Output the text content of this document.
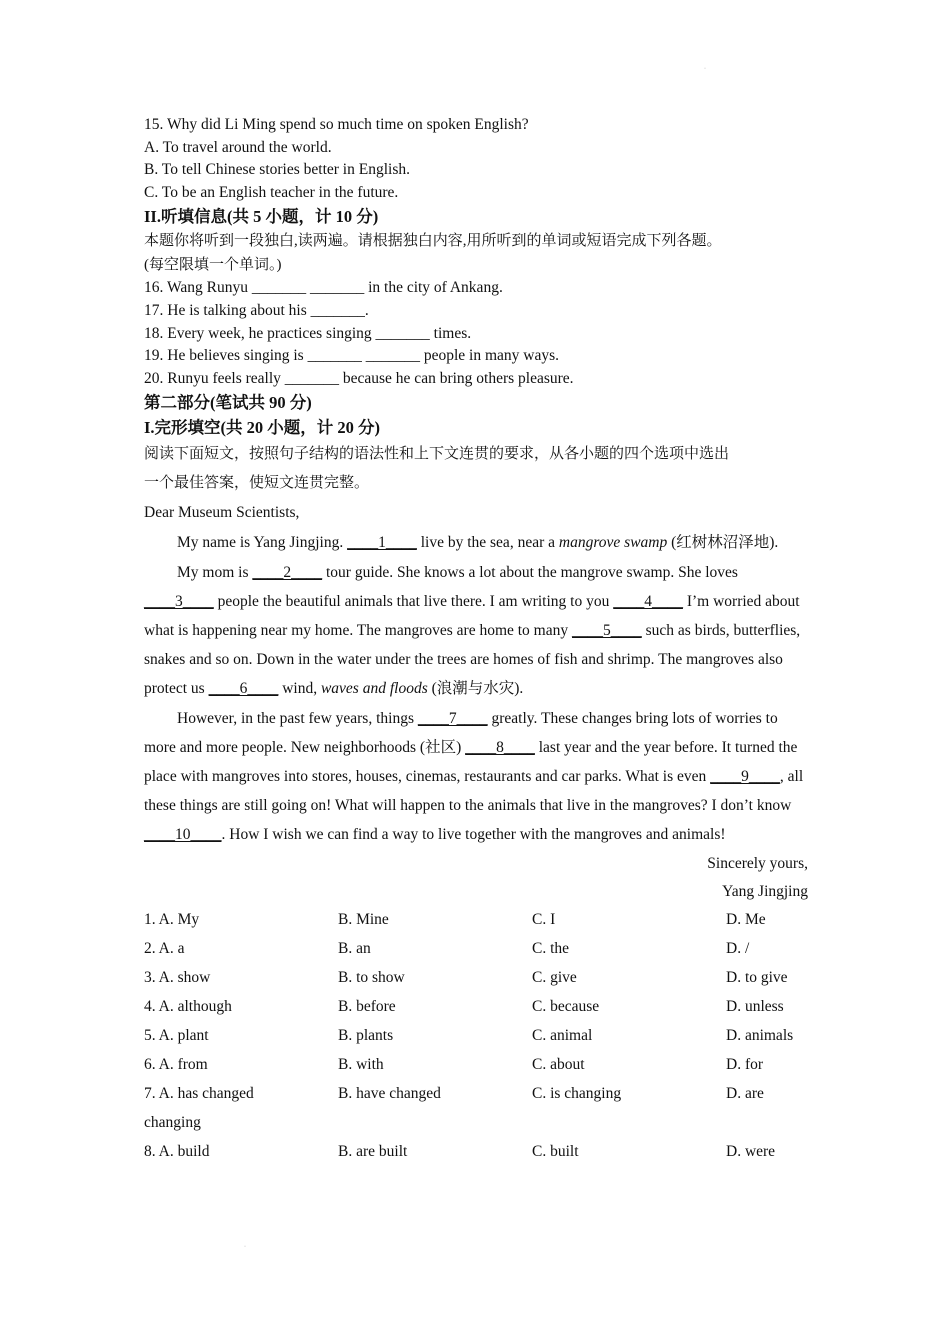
·
·
15. Why did Li Ming spend so much time on spoken English?
A. To travel around the world.
B. To tell Chinese stories better in English.
C. To be an English teacher in the future.
II.听填信息(共 5 小题，计 10 分)
本题你将听到一段独白,读两遍。请根据独白内容,用所听到的单词或短语完成下列各题。
(每空限填一个单词。)
16. Wang Runyu _______ _______ in the city of Ankang.
17. He is talking about his _______.
18. Every week, he practices singing _______ times.
19. He believes singing is _______ _______ people in many ways.
20. Runyu feels really _______ because he can bring others pleasure.
第二部分(笔试共 90 分)
I.完形填空(共 20 小题，计 20 分)
阅读下面短文，按照句子结构的语法性和上下文连贯的要求，从各小题的四个选项中选出
一个最佳答案，使短文连贯完整。
Dear Museum Scientists,

My name is Yang Jingjing. ____1____ live by the sea, near a mangrove swamp (红树林沼泽地).

My mom is ____2____ tour guide. She knows a lot about the mangrove swamp. She loves ____3____ people the beautiful animals that live there. I am writing to you ____4____ I’m worried about what is happening near my home. The mangroves are home to many ____5____ such as birds, butterflies, snakes and so on. Down in the water under the trees are homes of fish and shrimp. The mangroves also protect us ____6____ wind, waves and floods (浪潮与水灾).

However, in the past few years, things ____7____ greatly. These changes bring lots of worries to more and more people. New neighborhoods (社区) ____8____ last year and the year before. It turned the place with mangroves into stores, houses, cinemas, restaurants and car parks. What is even ____9____, all these things are still going on! What will happen to the animals that live in the mangroves? I don’t know ____10____. How I wish we can find a way to live together with the mangroves and animals!

Sincerely yours,
Yang Jingjing
1. A. My	B. Mine	C. I	D. Me
2. A. a	B. an	C. the	D. /
3. A. show	B. to show	C. give	D. to give
4. A. although	B. before	C. because	D. unless
5. A. plant	B. plants	C. animal	D. animals
6. A. from	B. with	C. about	D. for
7. A. has changed	B. have changed	C. is changing	D. are
changing
8. A. build	B. are built	C. built	D. were
